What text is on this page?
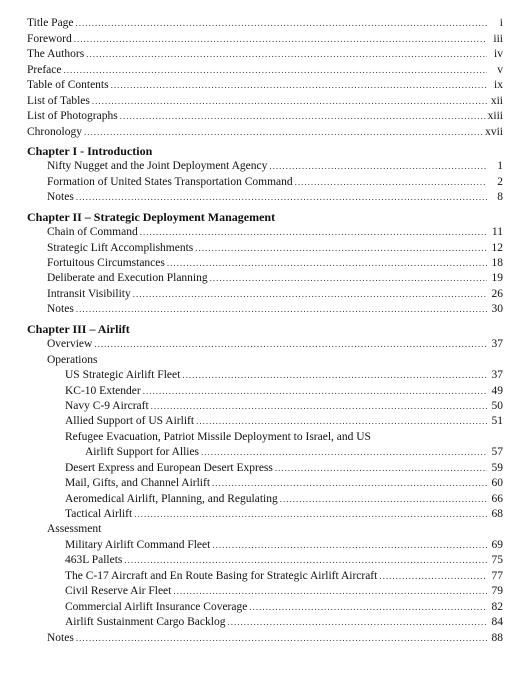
Title Page .....	i
Foreword .....	iii
The Authors .....	iv
Preface .....	v
Table of Contents .....	ix
List of Tables .....	xii
List of Photographs .....	xiii
Chronology .....	xvii
Chapter I - Introduction
Nifty Nugget and the Joint Deployment Agency .....	1
Formation of United States Transportation Command .....	2
Notes .....	8
Chapter II – Strategic Deployment Management
Chain of Command .....	11
Strategic Lift Accomplishments .....	12
Fortuitous Circumstances .....	18
Deliberate and Execution Planning .....	19
Intransit Visibility .....	26
Notes .....	30
Chapter III – Airlift
Overview .....	37
Operations
US Strategic Airlift Fleet .....	37
KC-10 Extender .....	49
Navy C-9 Aircraft .....	50
Allied Support of US Airlift .....	51
Refugee Evacuation, Patriot Missile Deployment to Israel, and US
Airlift Support for Allies .....	57
Desert Express and European Desert Express .....	59
Mail, Gifts, and Channel Airlift .....	60
Aeromedical Airlift, Planning, and Regulating .....	66
Tactical Airlift .....	68
Assessment
Military Airlift Command Fleet .....	69
463L Pallets .....	75
The C-17 Aircraft and En Route Basing for Strategic Airlift Aircraft .....	77
Civil Reserve Air Fleet .....	79
Commercial Airlift Insurance Coverage .....	82
Airlift Sustainment Cargo Backlog .....	84
Notes .....	88
